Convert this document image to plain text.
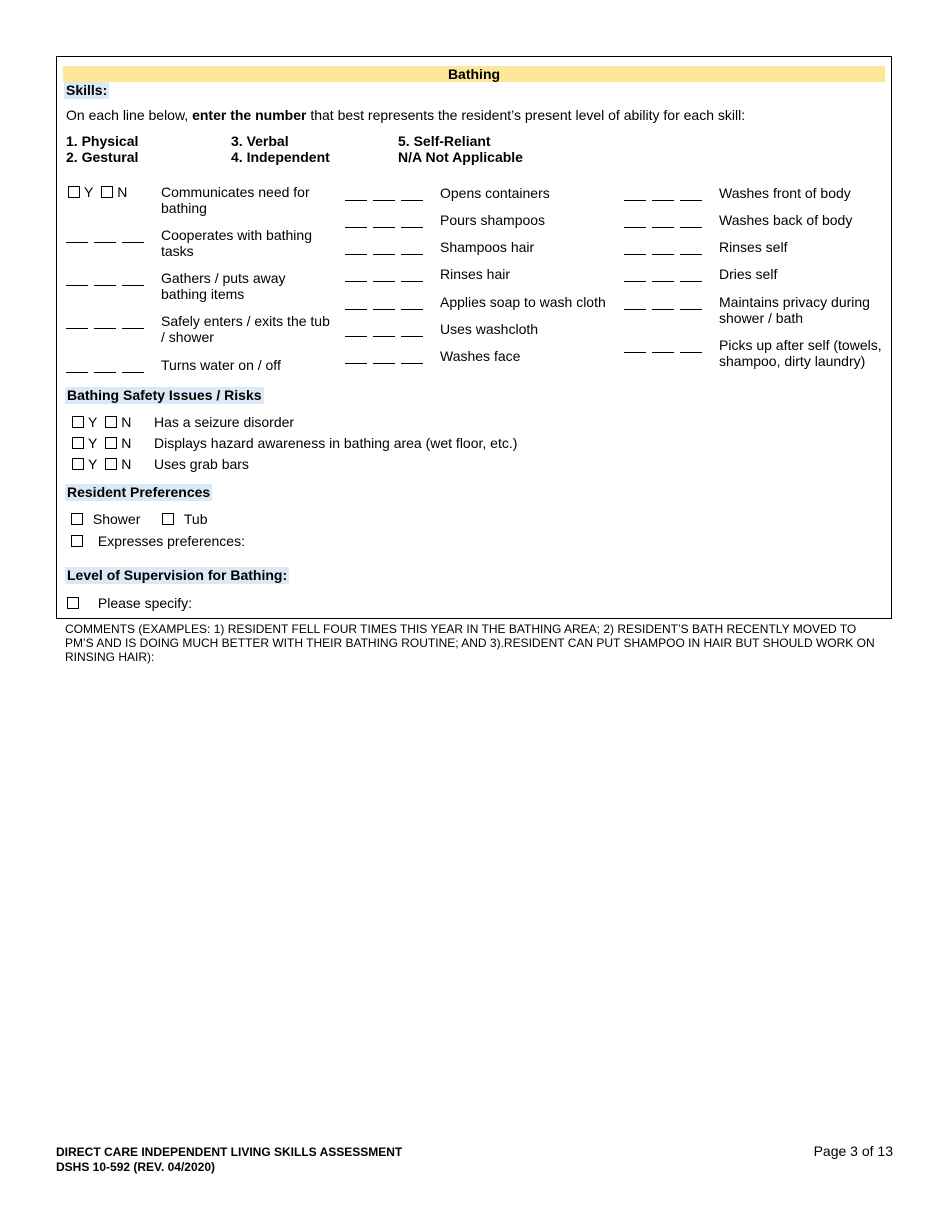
Bathing
Skills:
On each line below, enter the number that best represents the resident’s present level of ability for each skill:
1. Physical
2. Gestural
3. Verbal
4. Independent
5. Self-Reliant
N/A Not Applicable
Y N Communicates need for bathing
Cooperates with bathing tasks
Gathers / puts away bathing items
Safely enters / exits the tub / shower
Turns water on / off
Opens containers
Pours shampoos
Shampoos hair
Rinses hair
Applies soap to wash cloth
Uses washcloth
Washes face
Washes front of body
Washes back of body
Rinses self
Dries self
Maintains privacy during shower / bath
Picks up after self (towels, shampoo, dirty laundry)
Bathing Safety Issues / Risks
Y N Has a seizure disorder
Y N Displays hazard awareness in bathing area (wet floor, etc.)
Y N Uses grab bars
Resident Preferences
Shower	Tub
Expresses preferences:
Level of Supervision for Bathing:
Please specify:
COMMENTS (EXAMPLES: 1) RESIDENT FELL FOUR TIMES THIS YEAR IN THE BATHING AREA; 2) RESIDENT’S BATH RECENTLY MOVED TO PM’S AND IS DOING MUCH BETTER WITH THEIR BATHING ROUTINE; AND 3).RESIDENT CAN PUT SHAMPOO IN HAIR BUT SHOULD WORK ON RINSING HAIR):
DIRECT CARE INDEPENDENT LIVING SKILLS ASSESSMENT
DSHS 10-592 (REV. 04/2020)
Page 3 of 13
